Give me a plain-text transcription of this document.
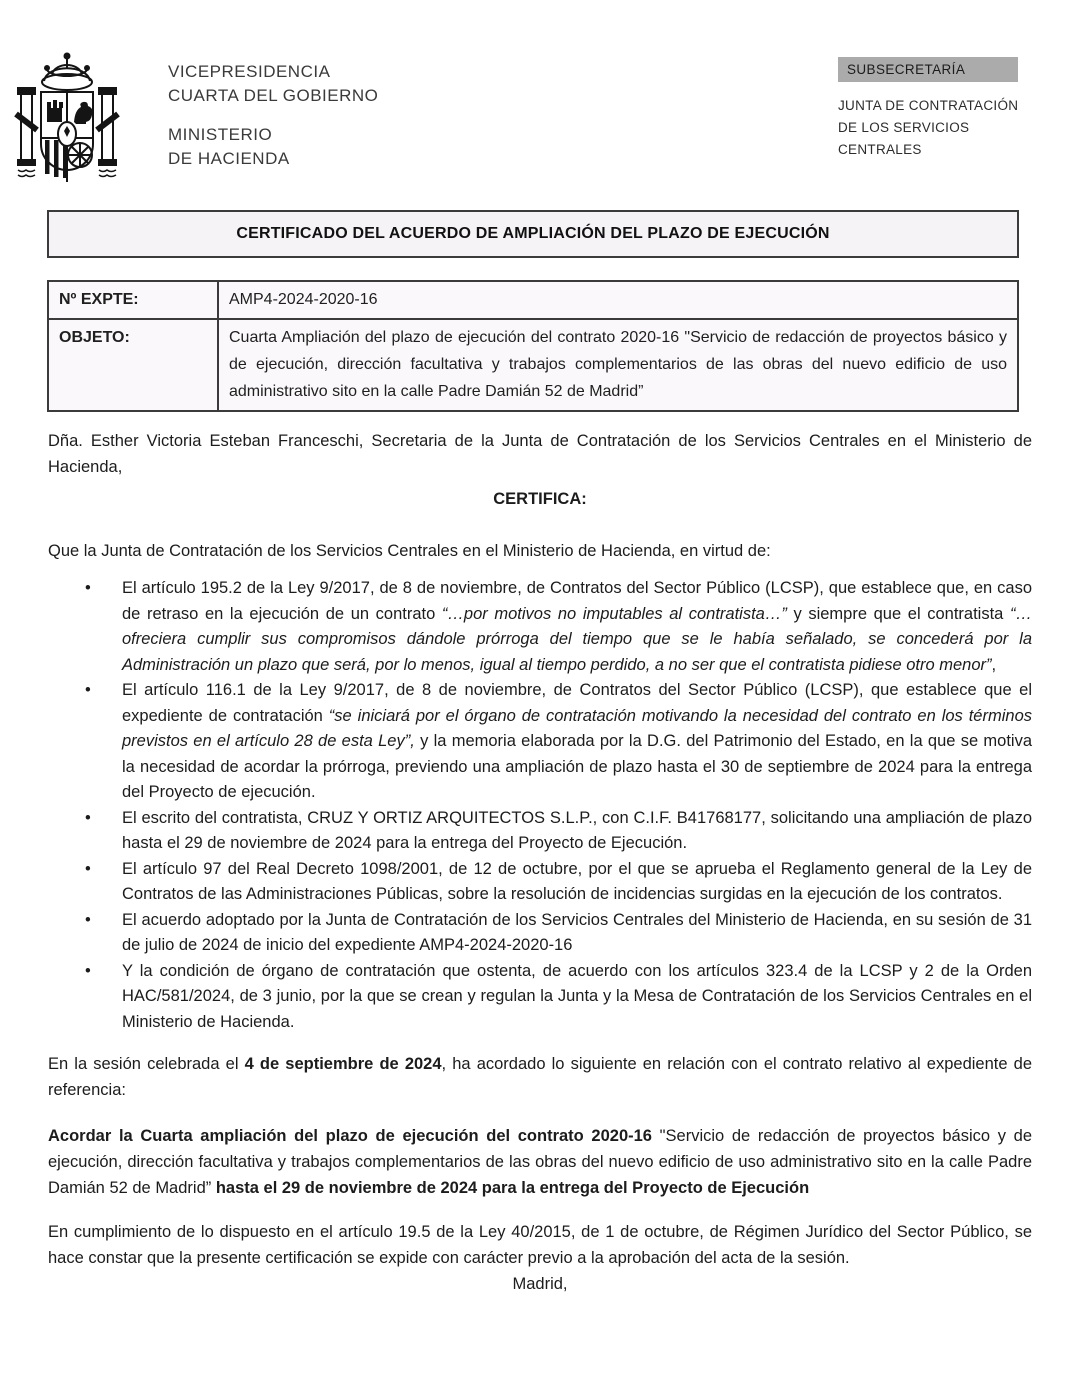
VICEPRESIDENCIA
CUARTA DEL GOBIERNO
MINISTERIO
DE HACIENDA
SUBSECRETARÍA
JUNTA DE CONTRATACIÓN
DE LOS SERVICIOS CENTRALES
CERTIFICADO DEL ACUERDO DE AMPLIACIÓN DEL PLAZO DE EJECUCIÓN
Nº EXPTE:	AMP4-2024-2020-16
OBJETO:	Cuarta Ampliación del plazo de ejecución del contrato 2020-16 "Servicio de redacción de proyectos básico y de ejecución, dirección facultativa y trabajos complementarios de las obras del nuevo edificio de uso administrativo sito en la calle Padre Damián 52 de Madrid”

Dña. Esther Victoria Esteban Franceschi, Secretaria de la Junta de Contratación de los Servicios Centrales en el Ministerio de Hacienda,

CERTIFICA:

Que la Junta de Contratación de los Servicios Centrales en el Ministerio de Hacienda, en virtud de:

• El artículo 195.2 de la Ley 9/2017, de 8 de noviembre, de Contratos del Sector Público (LCSP), que establece que, en caso de retraso en la ejecución de un contrato “…por motivos no imputables al contratista…” y siempre que el contratista “…ofreciera cumplir sus compromisos dándole prórroga del tiempo que se le había señalado, se concederá por la Administración un plazo que será, por lo menos, igual al tiempo perdido, a no ser que el contratista pidiese otro menor”,
• El artículo 116.1 de la Ley 9/2017, de 8 de noviembre, de Contratos del Sector Público (LCSP), que establece que el expediente de contratación “se iniciará por el órgano de contratación motivando la necesidad del contrato en los términos previstos en el artículo 28 de esta Ley”, y la memoria elaborada por la D.G. del Patrimonio del Estado, en la que se motiva la necesidad de acordar la prórroga, previendo una ampliación de plazo hasta el 30 de septiembre de 2024 para la entrega del Proyecto de ejecución.
• El escrito del contratista, CRUZ Y ORTIZ ARQUITECTOS S.L.P., con C.I.F. B41768177, solicitando una ampliación de plazo hasta el 29 de noviembre de 2024 para la entrega del Proyecto de Ejecución.
• El artículo 97 del Real Decreto 1098/2001, de 12 de octubre, por el que se aprueba el Reglamento general de la Ley de Contratos de las Administraciones Públicas, sobre la resolución de incidencias surgidas en la ejecución de los contratos.
• El acuerdo adoptado por la Junta de Contratación de los Servicios Centrales del Ministerio de Hacienda, en su sesión de 31 de julio de 2024 de inicio del expediente AMP4-2024-2020-16
• Y la condición de órgano de contratación que ostenta, de acuerdo con los artículos 323.4 de la LCSP y 2 de la Orden HAC/581/2024, de 3 junio, por la que se crean y regulan la Junta y la Mesa de Contratación de los Servicios Centrales en el Ministerio de Hacienda.

En la sesión celebrada el 4 de septiembre de 2024, ha acordado lo siguiente en relación con el contrato relativo al expediente de referencia:

Acordar la Cuarta ampliación del plazo de ejecución del contrato 2020-16 "Servicio de redacción de proyectos básico y de ejecución, dirección facultativa y trabajos complementarios de las obras del nuevo edificio de uso administrativo sito en la calle Padre Damián 52 de Madrid” hasta el 29 de noviembre de 2024 para la entrega del Proyecto de Ejecución

En cumplimiento de lo dispuesto en el artículo 19.5 de la Ley 40/2015, de 1 de octubre, de Régimen Jurídico del Sector Público, se hace constar que la presente certificación se expide con carácter previo a la aprobación del acta de la sesión.

Madrid,
